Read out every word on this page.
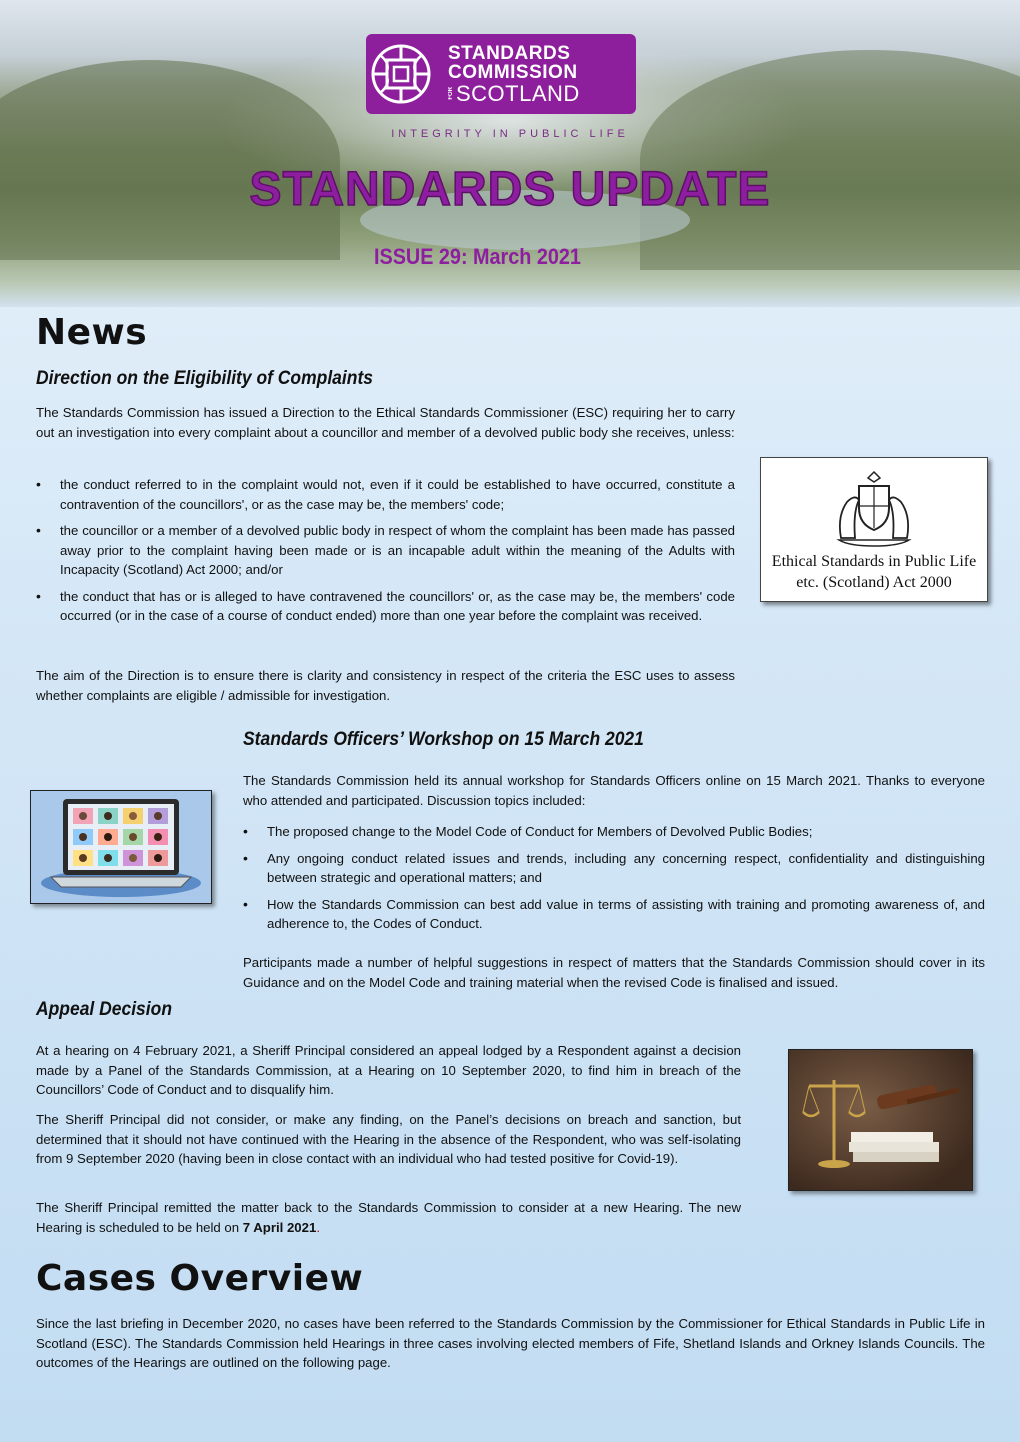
STANDARDS
COMMISSION
FOR SCOTLAND
INTEGRITY IN PUBLIC LIFE
STANDARDS UPDATE
ISSUE 29: March 2021
News
Direction on the Eligibility of Complaints

The Standards Commission has issued a Direction to the Ethical Standards Commissioner (ESC) requiring her to carry out an investigation into every complaint about a councillor and member of a devolved public body she receives, unless:

• the conduct referred to in the complaint would not, even if it could be established to have occurred, constitute a contravention of the councillors', or as the case may be, the members' code;
• the councillor or a member of a devolved public body in respect of whom the complaint has been made has passed away prior to the complaint having been made or is an incapable adult within the meaning of the Adults with Incapacity (Scotland) Act 2000; and/or
• the conduct that has or is alleged to have contravened the councillors' or, as the case may be, the members' code occurred (or in the case of a course of conduct ended) more than one year before the complaint was received.

The aim of the Direction is to ensure there is clarity and consistency in respect of the criteria the ESC uses to assess whether complaints are eligible / admissible for investigation.

Ethical Standards in Public Life etc. (Scotland) Act 2000
Standards Officers’ Workshop on 15 March 2021

The Standards Commission held its annual workshop for Standards Officers online on 15 March 2021. Thanks to everyone who attended and participated. Discussion topics included:

• The proposed change to the Model Code of Conduct for Members of Devolved Public Bodies;
• Any ongoing conduct related issues and trends, including any concerning respect, confidentiality and distinguishing between strategic and operational matters; and
• How the Standards Commission can best add value in terms of assisting with training and promoting awareness of, and adherence to, the Codes of Conduct.

Participants made a number of helpful suggestions in respect of matters that the Standards Commission should cover in its Guidance and on the Model Code and training material when the revised Code is finalised and issued.

Appeal Decision

At a hearing on 4 February 2021, a Sheriff Principal considered an appeal lodged by a Respondent against a decision made by a Panel of the Standards Commission, at a Hearing on 10 September 2020, to find him in breach of the Councillors’ Code of Conduct and to disqualify him.

The Sheriff Principal did not consider, or make any finding, on the Panel’s decisions on breach and sanction, but determined that it should not have continued with the Hearing in the absence of the Respondent, who was self-isolating from 9 September 2020 (having been in close contact with an individual who had tested positive for Covid-19).

The Sheriff Principal remitted the matter back to the Standards Commission to consider at a new Hearing. The new Hearing is scheduled to be held on 7 April 2021.

Cases Overview

Since the last briefing in December 2020, no cases have been referred to the Standards Commission by the Commissioner for Ethical Standards in Public Life in Scotland (ESC). The Standards Commission held Hearings in three cases involving elected members of Fife, Shetland Islands and Orkney Islands Councils. The outcomes of the Hearings are outlined on the following page.
